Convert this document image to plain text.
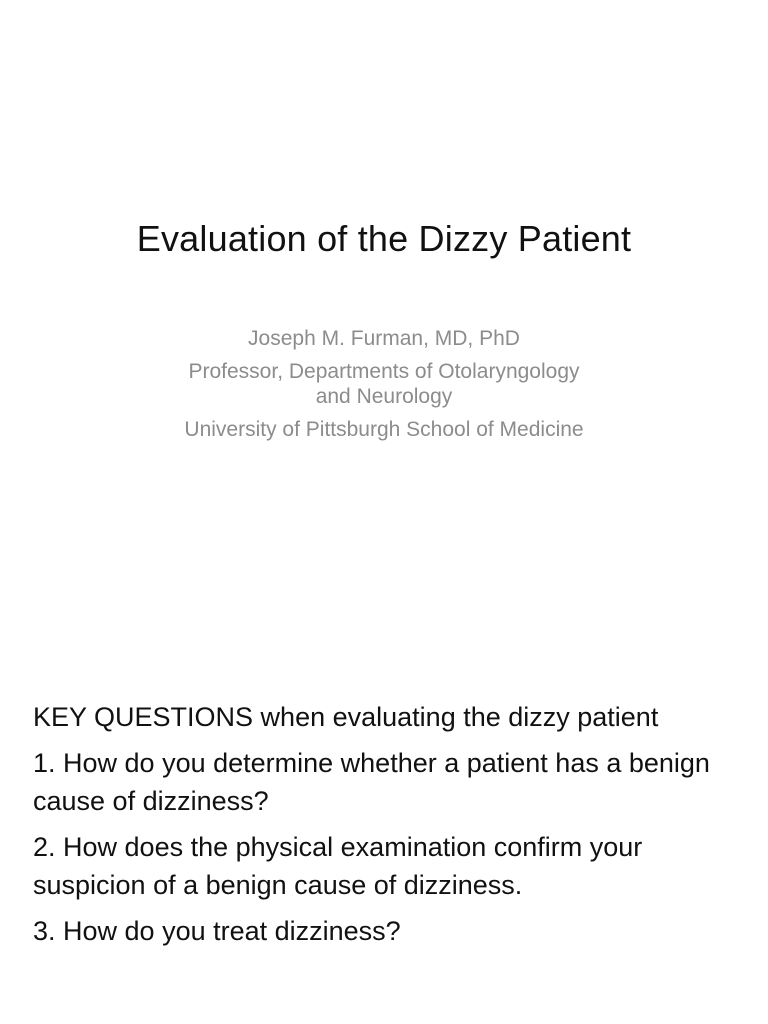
Evaluation of the Dizzy Patient
Joseph M. Furman, MD, PhD
Professor, Departments of Otolaryngology
and Neurology
University of Pittsburgh School of Medicine

KEY QUESTIONS when evaluating the dizzy patient

1. How do you determine whether a patient has a benign cause of dizziness?

2. How does the physical examination confirm your suspicion of a benign cause of dizziness.

3. How do you treat dizziness?
